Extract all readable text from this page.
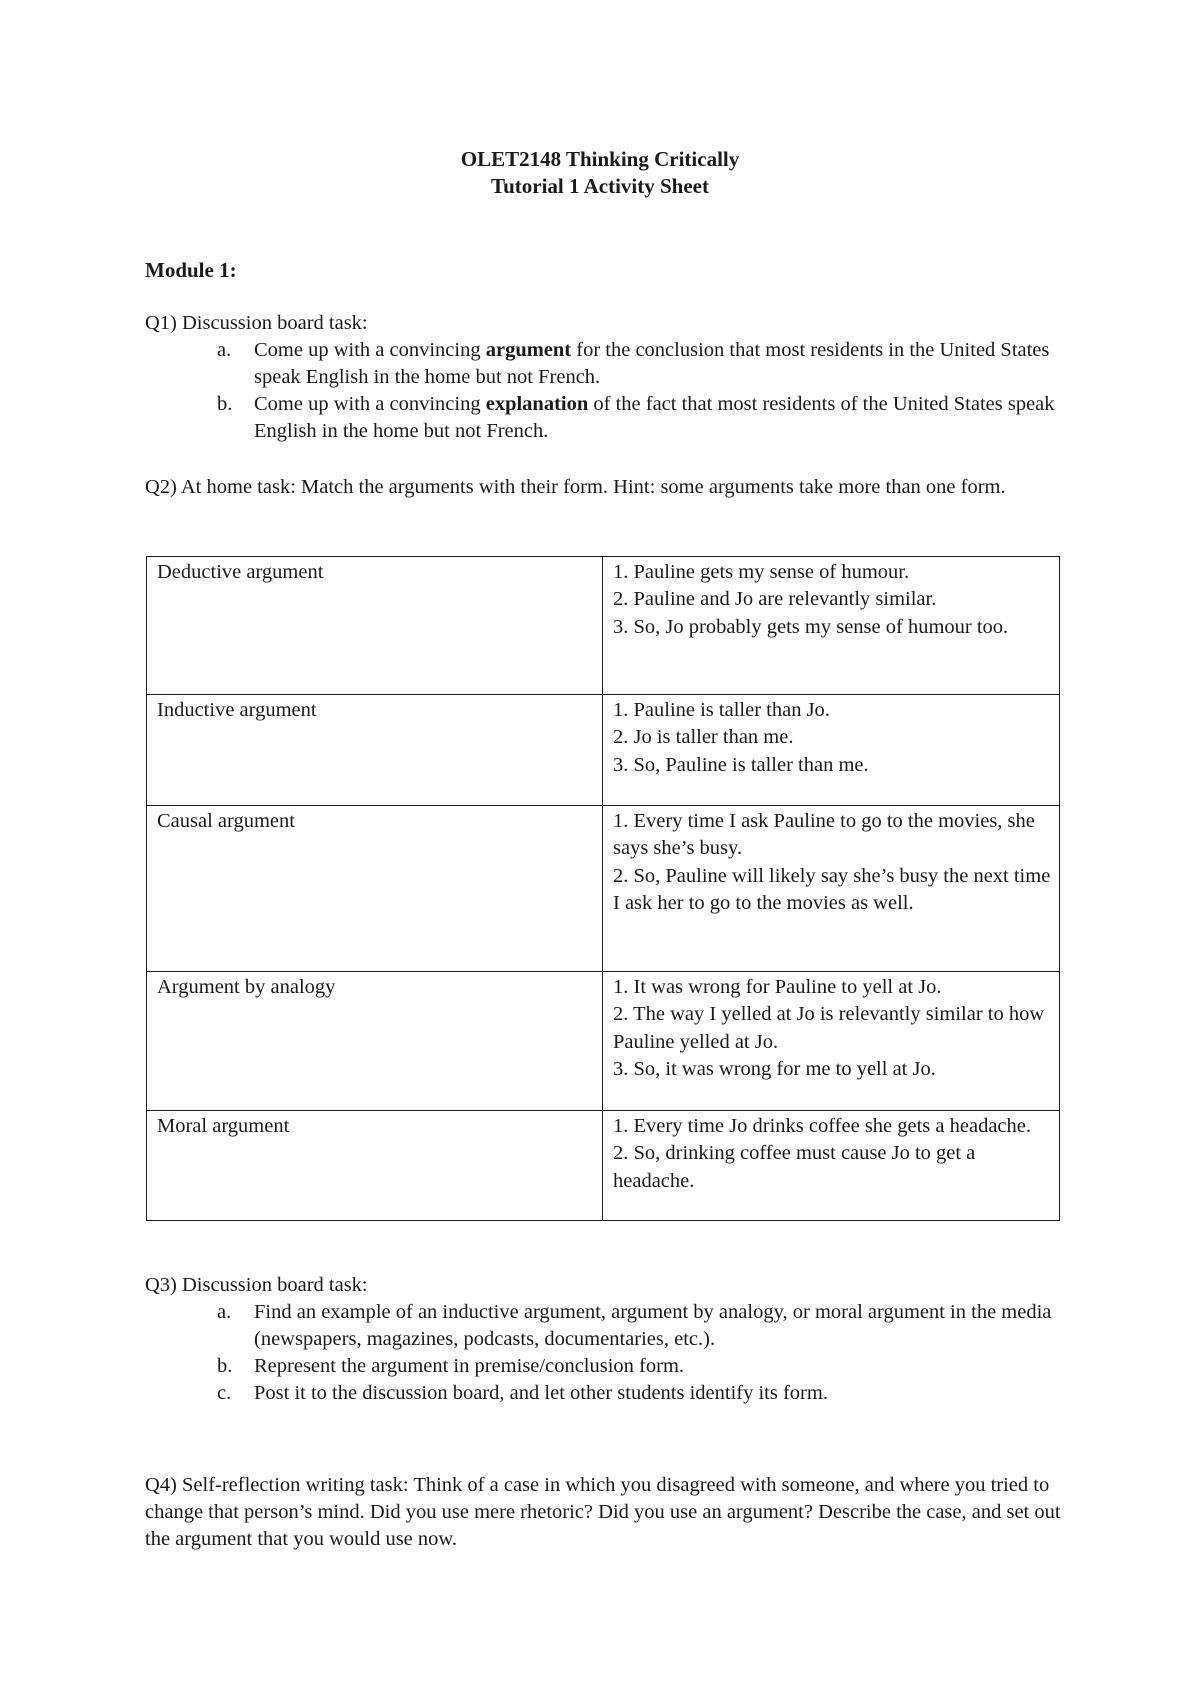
OLET2148 Thinking Critically
Tutorial 1 Activity Sheet
Module 1:

Q1) Discussion board task:

a. Come up with a convincing argument for the conclusion that most residents in the United States speak English in the home but not French.
b. Come up with a convincing explanation of the fact that most residents of the United States speak English in the home but not French.

Q2) At home task: Match the arguments with their form. Hint: some arguments take more than one form.

Deductive argument	1. Pauline gets my sense of humour.
2. Pauline and Jo are relevantly similar.
3. So, Jo probably gets my sense of humour too.

Inductive argument	1. Pauline is taller than Jo.
2. Jo is taller than me.
3. So, Pauline is taller than me.

Causal argument	1. Every time I ask Pauline to go to the movies, she says she’s busy.
2. So, Pauline will likely say she’s busy the next time I ask her to go to the movies as well.

Argument by analogy	1. It was wrong for Pauline to yell at Jo.
2. The way I yelled at Jo is relevantly similar to how Pauline yelled at Jo.
3. So, it was wrong for me to yell at Jo.

Moral argument	1. Every time Jo drinks coffee she gets a headache.
2. So, drinking coffee must cause Jo to get a headache.

Q3) Discussion board task:

a. Find an example of an inductive argument, argument by analogy, or moral argument in the media (newspapers, magazines, podcasts, documentaries, etc.).
b. Represent the argument in premise/conclusion form.
c. Post it to the discussion board, and let other students identify its form.

Q4) Self-reflection writing task: Think of a case in which you disagreed with someone, and where you tried to change that person’s mind. Did you use mere rhetoric? Did you use an argument? Describe the case, and set out the argument that you would use now.
